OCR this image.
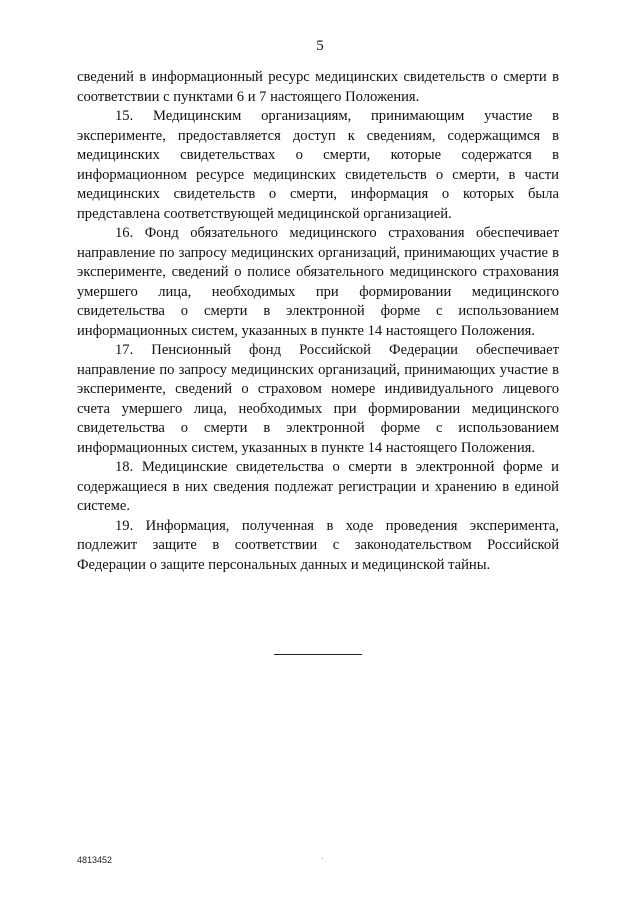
5

сведений в информационный ресурс медицинских свидетельств о смерти в соответствии с пунктами 6 и 7 настоящего Положения.

15. Медицинским организациям, принимающим участие в эксперименте, предоставляется доступ к сведениям, содержащимся в медицинских свидетельствах о смерти, которые содержатся в информационном ресурсе медицинских свидетельств о смерти, в части медицинских свидетельств о смерти, информация о которых была представлена соответствующей медицинской организацией.

16. Фонд обязательного медицинского страхования обеспечивает направление по запросу медицинских организаций, принимающих участие в эксперименте, сведений о полисе обязательного медицинского страхования умершего лица, необходимых при формировании медицинского свидетельства о смерти в электронной форме с использованием информационных систем, указанных в пункте 14 настоящего Положения.

17. Пенсионный фонд Российской Федерации обеспечивает направление по запросу медицинских организаций, принимающих участие в эксперименте, сведений о страховом номере индивидуального лицевого счета умершего лица, необходимых при формировании медицинского свидетельства о смерти в электронной форме с использованием информационных систем, указанных в пункте 14 настоящего Положения.

18. Медицинские свидетельства о смерти в электронной форме и содержащиеся в них сведения подлежат регистрации и хранению в единой системе.

19. Информация, полученная в ходе проведения эксперимента, подлежит защите в соответствии с законодательством Российской Федерации о защите персональных данных и медицинской тайны.

4813452
